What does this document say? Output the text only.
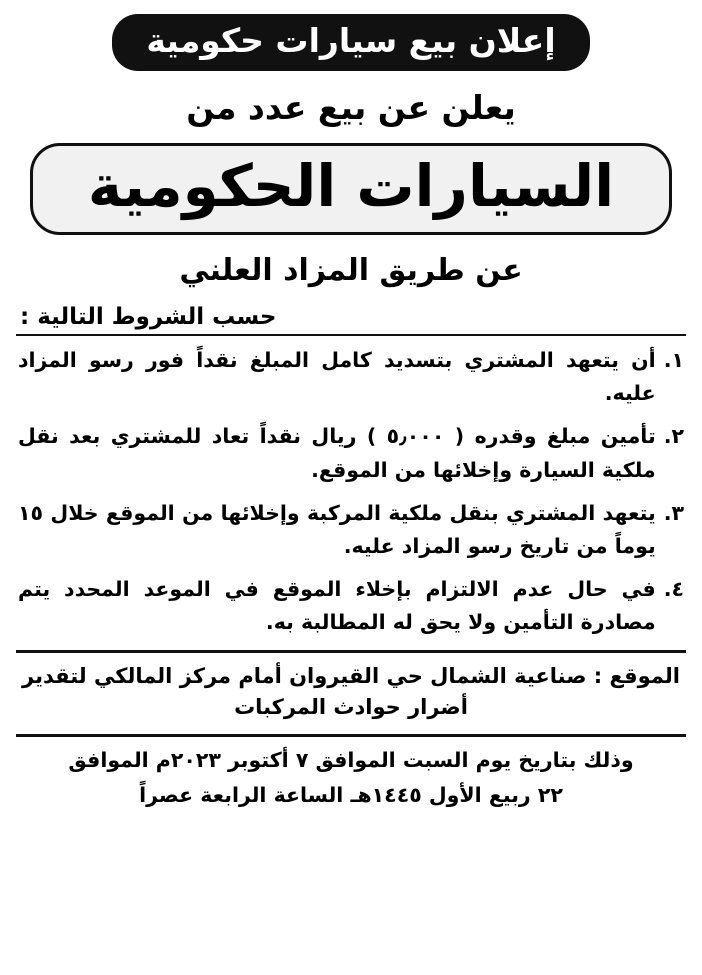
إعلان بيع سيارات حكومية
يعلن عن بيع عدد من
السيارات الحكومية
عن طريق المزاد العلني
حسب الشروط التالية :
١.
أن يتعهد المشتري بتسديد كامل المبلغ نقداً فور رسو المزاد عليه.
٢.
تأمين مبلغ وقدره ( ٥٫٠٠٠ ) ريال نقداً تعاد للمشتري بعد نقل ملكية السيارة وإخلائها من الموقع.
٣.
يتعهد المشتري بنقل ملكية المركبة وإخلائها من الموقع خلال ١٥ يوماً من تاريخ رسو المزاد عليه.
٤.
في حال عدم الالتزام بإخلاء الموقع في الموعد المحدد يتم مصادرة التأمين ولا يحق له المطالبة به.
الموقع : صناعية الشمال حي القيروان أمام مركز المالكي لتقدير أضرار حوادث المركبات
وذلك بتاريخ يوم السبت الموافق ٧ أكتوبر ٢٠٢٣م الموافق
٢٢ ربيع الأول ١٤٤٥هـ الساعة الرابعة عصراً
